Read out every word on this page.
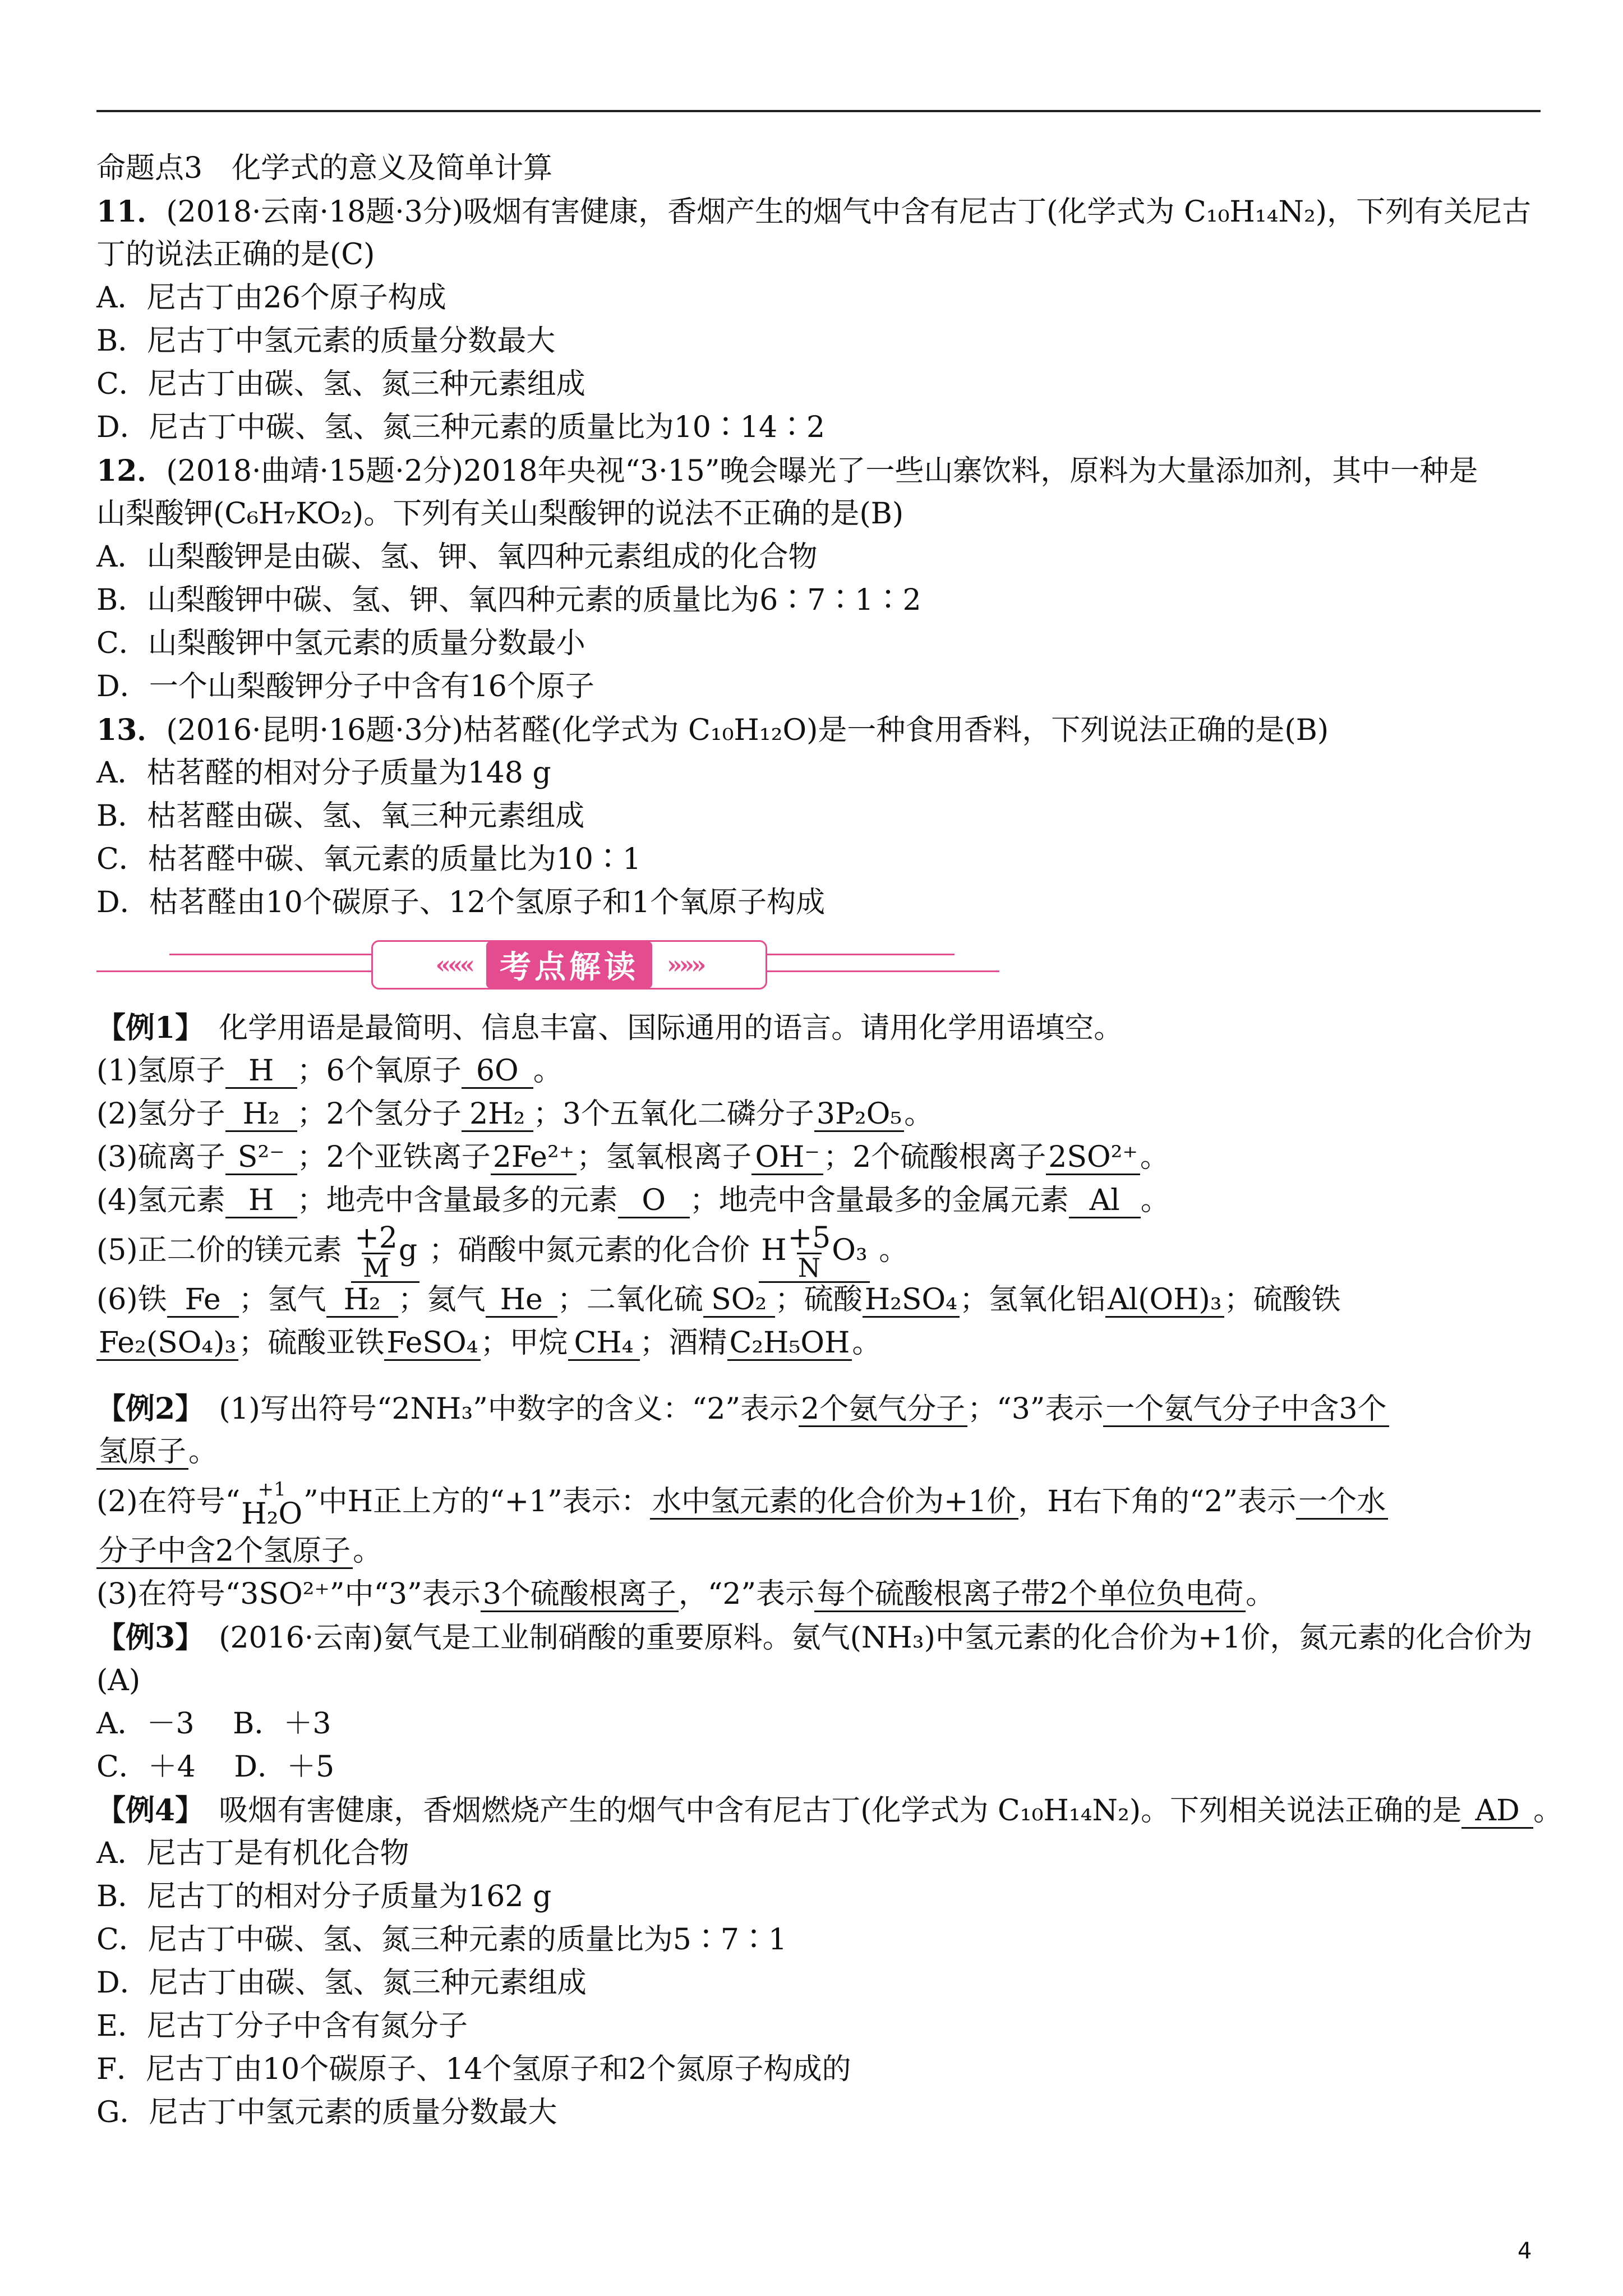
命题点3　化学式的意义及简单计算
11．(2018·云南·18题·3分)吸烟有害健康，香烟产生的烟气中含有尼古丁(化学式为 C₁₀H₁₄N₂)，下列有关尼古
丁的说法正确的是(C)
A．尼古丁由26个原子构成
B．尼古丁中氢元素的质量分数最大
C．尼古丁由碳、氢、氮三种元素组成
D．尼古丁中碳、氢、氮三种元素的质量比为10∶14∶2
12．(2018·曲靖·15题·2分)2018年央视“3·15”晚会曝光了一些山寨饮料，原料为大量添加剂，其中一种是
山梨酸钾(C₆H₇KO₂)。下列有关山梨酸钾的说法不正确的是(B)
A．山梨酸钾是由碳、氢、钾、氧四种元素组成的化合物
B．山梨酸钾中碳、氢、钾、氧四种元素的质量比为6∶7∶1∶2
C．山梨酸钾中氢元素的质量分数最小
D．一个山梨酸钾分子中含有16个原子
13．(2016·昆明·16题·3分)枯茗醛(化学式为 C₁₀H₁₂O)是一种食用香料，下列说法正确的是(B)
A．枯茗醛的相对分子质量为148 g
B．枯茗醛由碳、氢、氧三种元素组成
C．枯茗醛中碳、氧元素的质量比为10∶1
D．枯茗醛由10个碳原子、12个氢原子和1个氧原子构成
««« 考点解读	»»»
【例1】　化学用语是最简明、信息丰富、国际通用的语言。请用化学用语填空。
(1)氢原子 H ；6个氧原子 6O 。
(2)氢分子 H₂ ；2个氢分子 2H₂ ；3个五氧化二磷分子3P₂O₅。
(3)硫离子 S²⁻ ；2个亚铁离子2Fe²⁺；氢氧根离子 OH⁻ ；2个硫酸根离子2SO²⁺。
(4)氢元素 H ；地壳中含量最多的元素 O ；地壳中含量最多的金属元素 Al 。
(5)正二价的镁元素 $\frac{+2}{M}$ g ；硝酸中氮元素的化合价 H $\frac{+5}{N} O_3$ 。
(6)铁 Fe ；氢气 H₂ ；氦气 He ；二氧化硫 SO₂ ；硫酸H₂SO₄；氢氧化铝Al(OH)₃；硫酸铁
Fe₂(SO₄)₃；硫酸亚铁FeSO₄；甲烷 CH₄ ；酒精C₂H₅OH。
【例2】　(1)写出符号“2NH₃”中数字的含义：“2”表示2个氨气分子；“3”表示一个氨气分子中含3个
氢原子。
(2)在符号“ +1
H₂O ”中H正上方的“+1”表示：水中氢元素的化合价为+1价，H右下角的“2”表示一个水
分子中含2个氢原子。
(3)在符号“3SO²⁺”中“3”表示3个硫酸根离子，“2”表示每个硫酸根离子带2个单位负电荷。
【例3】　(2016·云南)氨气是工业制硝酸的重要原料。氨气(NH₃)中氢元素的化合价为+1价，氮元素的化合价为
(A)
A．－3　 B．＋3
C．＋4　 D．＋5
【例4】　吸烟有害健康，香烟燃烧产生的烟气中含有尼古丁(化学式为 C₁₀H₁₄N₂)。下列相关说法正确的是 AD 。
A．尼古丁是有机化合物
B．尼古丁的相对分子质量为162 g
C．尼古丁中碳、氢、氮三种元素的质量比为5∶7∶1
D．尼古丁由碳、氢、氮三种元素组成
E．尼古丁分子中含有氮分子
F．尼古丁由10个碳原子、14个氢原子和2个氮原子构成的
G．尼古丁中氢元素的质量分数最大
4
